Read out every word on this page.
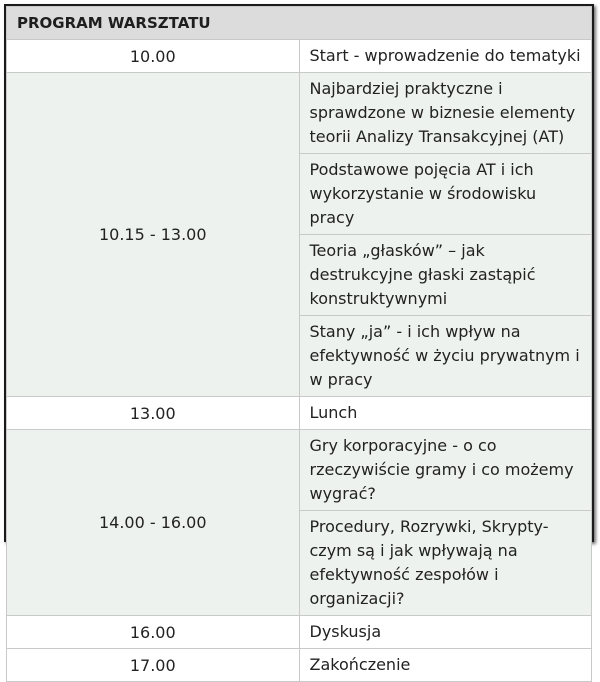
PROGRAM WARSZTATU	
10.00	Start - wprowadzenie do tematyki
10.15 - 13.00	Najbardziej praktyczne i sprawdzone w biznesie elementy teorii Analizy Transakcyjnej (AT)
	Podstawowe pojęcia AT i ich wykorzystanie w środowisku pracy
	Teoria „głasków” – jak destrukcyjne głaski zastąpić konstruktywnymi
	Stany „ja” - i ich wpływ na efektywność w życiu prywatnym i w pracy
13.00	Lunch
14.00 - 16.00	Gry korporacyjne - o co rzeczywiście gramy i co możemy wygrać?
	Procedury, Rozrywki, Skrypty- czym są i jak wpływają na efektywność zespołów i organizacji?
16.00	Dyskusja
17.00	Zakończenie
